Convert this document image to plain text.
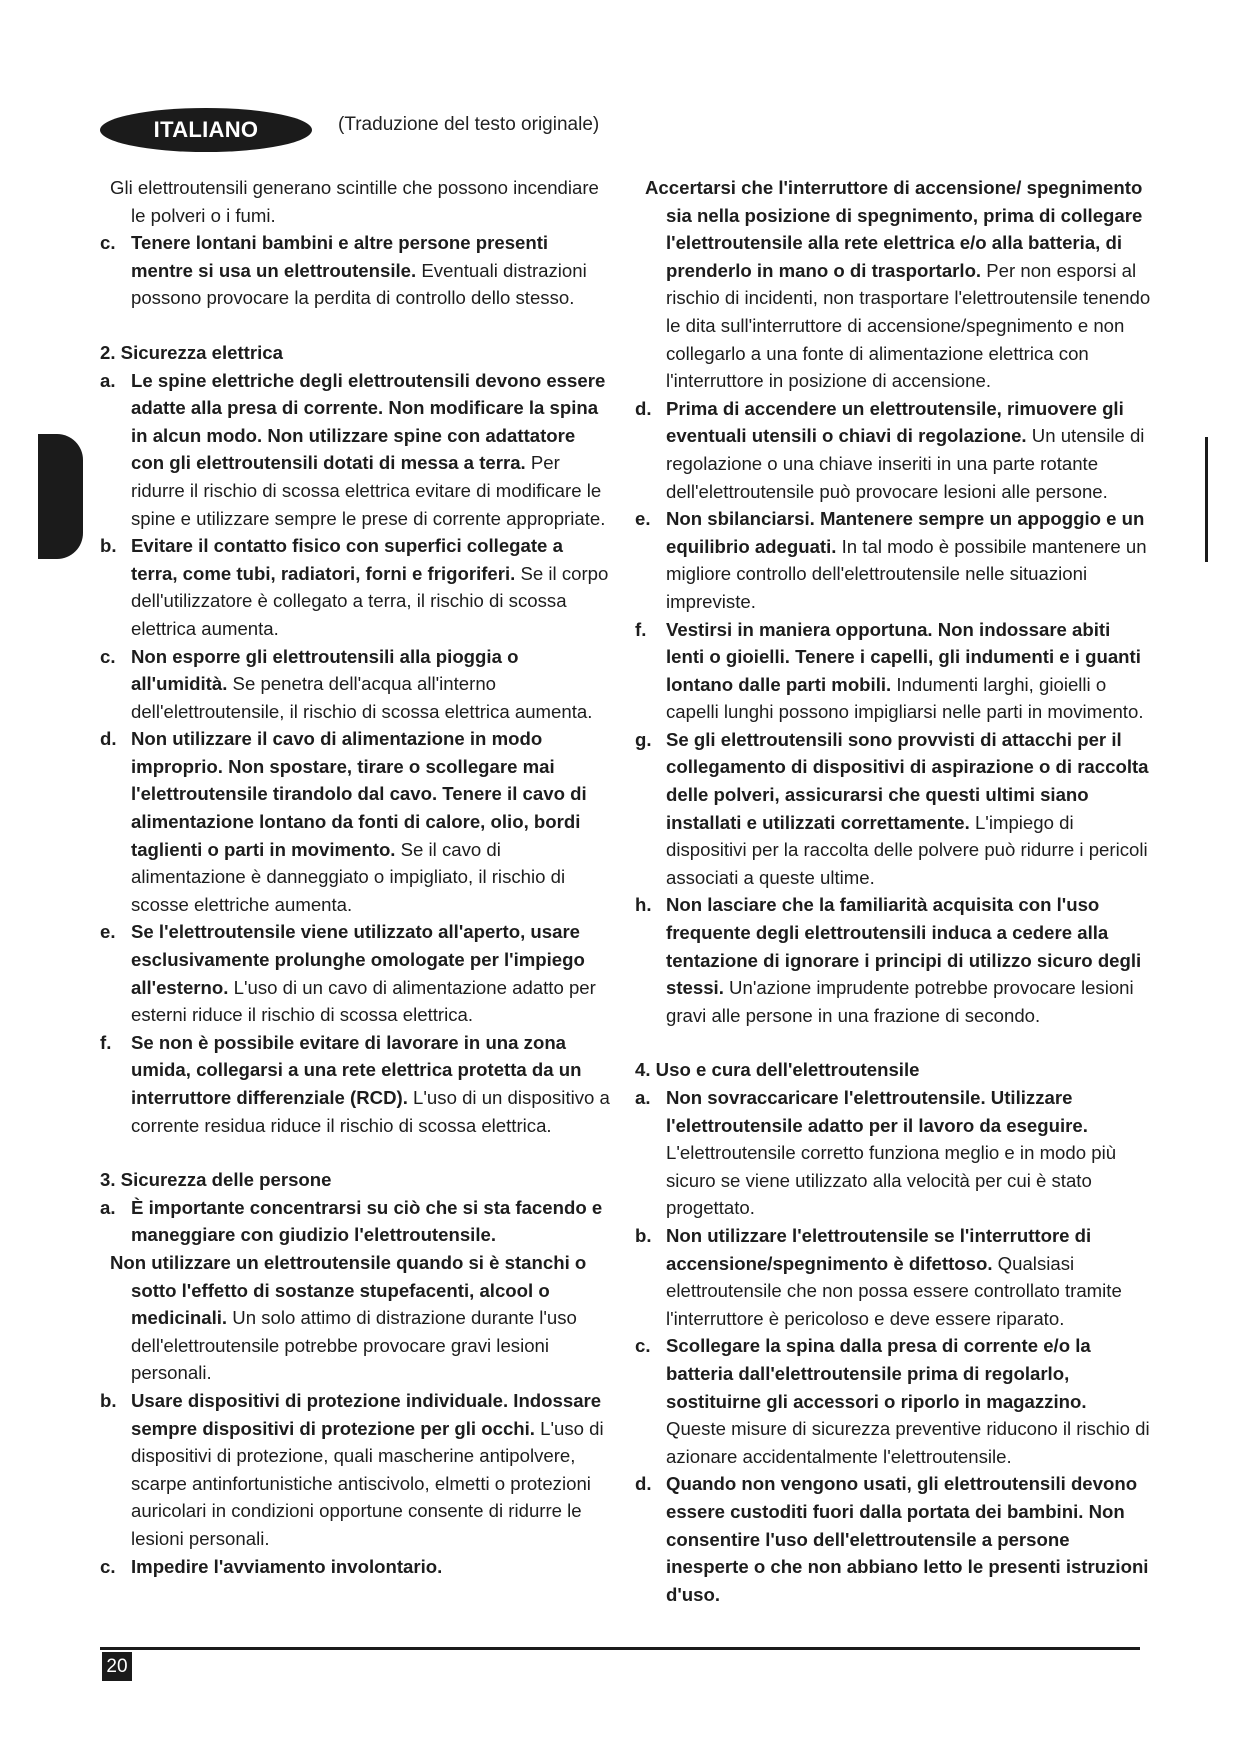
ITALIANO	(Traduzione del testo originale)

Gli elettroutensili generano scintille che possono incendiare le polveri o i fumi.

c. Tenere lontani bambini e altre persone presenti mentre si usa un elettroutensile. Eventuali distrazioni possono provocare la perdita di controllo dello stesso.

2. Sicurezza elettrica

a. Le spine elettriche degli elettroutensili devono essere adatte alla presa di corrente. Non modificare la spina in alcun modo. Non utilizzare spine con adattatore con gli elettroutensili dotati di messa a terra. Per ridurre il rischio di scossa elettrica evitare di modificare le spine e utilizzare sempre le prese di corrente appropriate.

b. Evitare il contatto fisico con superfici collegate a terra, come tubi, radiatori, forni e frigoriferi. Se il corpo dell'utilizzatore è collegato a terra, il rischio di scossa elettrica aumenta.

c. Non esporre gli elettroutensili alla pioggia o all'umidità. Se penetra dell'acqua all'interno dell'elettroutensile, il rischio di scossa elettrica aumenta.

d. Non utilizzare il cavo di alimentazione in modo improprio. Non spostare, tirare o scollegare mai l'elettroutensile tirandolo dal cavo. Tenere il cavo di alimentazione lontano da fonti di calore, olio, bordi taglienti o parti in movimento. Se il cavo di alimentazione è danneggiato o impigliato, il rischio di scosse elettriche aumenta.

e. Se l'elettroutensile viene utilizzato all'aperto, usare esclusivamente prolunghe omologate per l'impiego all'esterno. L'uso di un cavo di alimentazione adatto per esterni riduce il rischio di scossa elettrica.

f. Se non è possibile evitare di lavorare in una zona umida, collegarsi a una rete elettrica protetta da un interruttore differenziale (RCD). L'uso di un dispositivo a corrente residua riduce il rischio di scossa elettrica.

3. Sicurezza delle persone

a. È importante concentrarsi su ciò che si sta facendo e maneggiare con giudizio l'elettroutensile.

Non utilizzare un elettroutensile quando si è stanchi o sotto l'effetto di sostanze stupefacenti, alcool o medicinali. Un solo attimo di distrazione durante l'uso dell'elettroutensile potrebbe provocare gravi lesioni personali.

b. Usare dispositivi di protezione individuale. Indossare sempre dispositivi di protezione per gli occhi. L'uso di dispositivi di protezione, quali mascherine antipolvere, scarpe antinfortunistiche antiscivolo, elmetti o protezioni auricolari in condizioni opportune consente di ridurre le lesioni personali.

c. Impedire l'avviamento involontario.

Accertarsi che l'interruttore di accensione/ spegnimento sia nella posizione di spegnimento, prima di collegare l'elettroutensile alla rete elettrica e/o alla batteria, di prenderlo in mano o di trasportarlo. Per non esporsi al rischio di incidenti, non trasportare l'elettroutensile tenendo le dita sull'interruttore di accensione/spegnimento e non collegarlo a una fonte di alimentazione elettrica con l'interruttore in posizione di accensione.

d. Prima di accendere un elettroutensile, rimuovere gli eventuali utensili o chiavi di regolazione. Un utensile di regolazione o una chiave inseriti in una parte rotante dell'elettroutensile può provocare lesioni alle persone.

e. Non sbilanciarsi. Mantenere sempre un appoggio e un equilibrio adeguati. In tal modo è possibile mantenere un migliore controllo dell'elettroutensile nelle situazioni impreviste.

f. Vestirsi in maniera opportuna. Non indossare abiti lenti o gioielli. Tenere i capelli, gli indumenti e i guanti lontano dalle parti mobili. Indumenti larghi, gioielli o capelli lunghi possono impigliarsi nelle parti in movimento.

g. Se gli elettroutensili sono provvisti di attacchi per il collegamento di dispositivi di aspirazione o di raccolta delle polveri, assicurarsi che questi ultimi siano installati e utilizzati correttamente. L'impiego di dispositivi per la raccolta delle polvere può ridurre i pericoli associati a queste ultime.

h. Non lasciare che la familiarità acquisita con l'uso frequente degli elettroutensili induca a cedere alla tentazione di ignorare i principi di utilizzo sicuro degli stessi. Un'azione imprudente potrebbe provocare lesioni gravi alle persone in una frazione di secondo.

4. Uso e cura dell'elettroutensile

a. Non sovraccaricare l'elettroutensile. Utilizzare l'elettroutensile adatto per il lavoro da eseguire. L'elettroutensile corretto funziona meglio e in modo più sicuro se viene utilizzato alla velocità per cui è stato progettato.

b. Non utilizzare l'elettroutensile se l'interruttore di accensione/spegnimento è difettoso. Qualsiasi elettroutensile che non possa essere controllato tramite l'interruttore è pericoloso e deve essere riparato.

c. Scollegare la spina dalla presa di corrente e/o la batteria dall'elettroutensile prima di regolarlo, sostituirne gli accessori o riporlo in magazzino. Queste misure di sicurezza preventive riducono il rischio di azionare accidentalmente l'elettroutensile.

d. Quando non vengono usati, gli elettroutensili devono essere custoditi fuori dalla portata dei bambini. Non consentire l'uso dell'elettroutensile a persone inesperte o che non abbiano letto le presenti istruzioni d'uso.

20
